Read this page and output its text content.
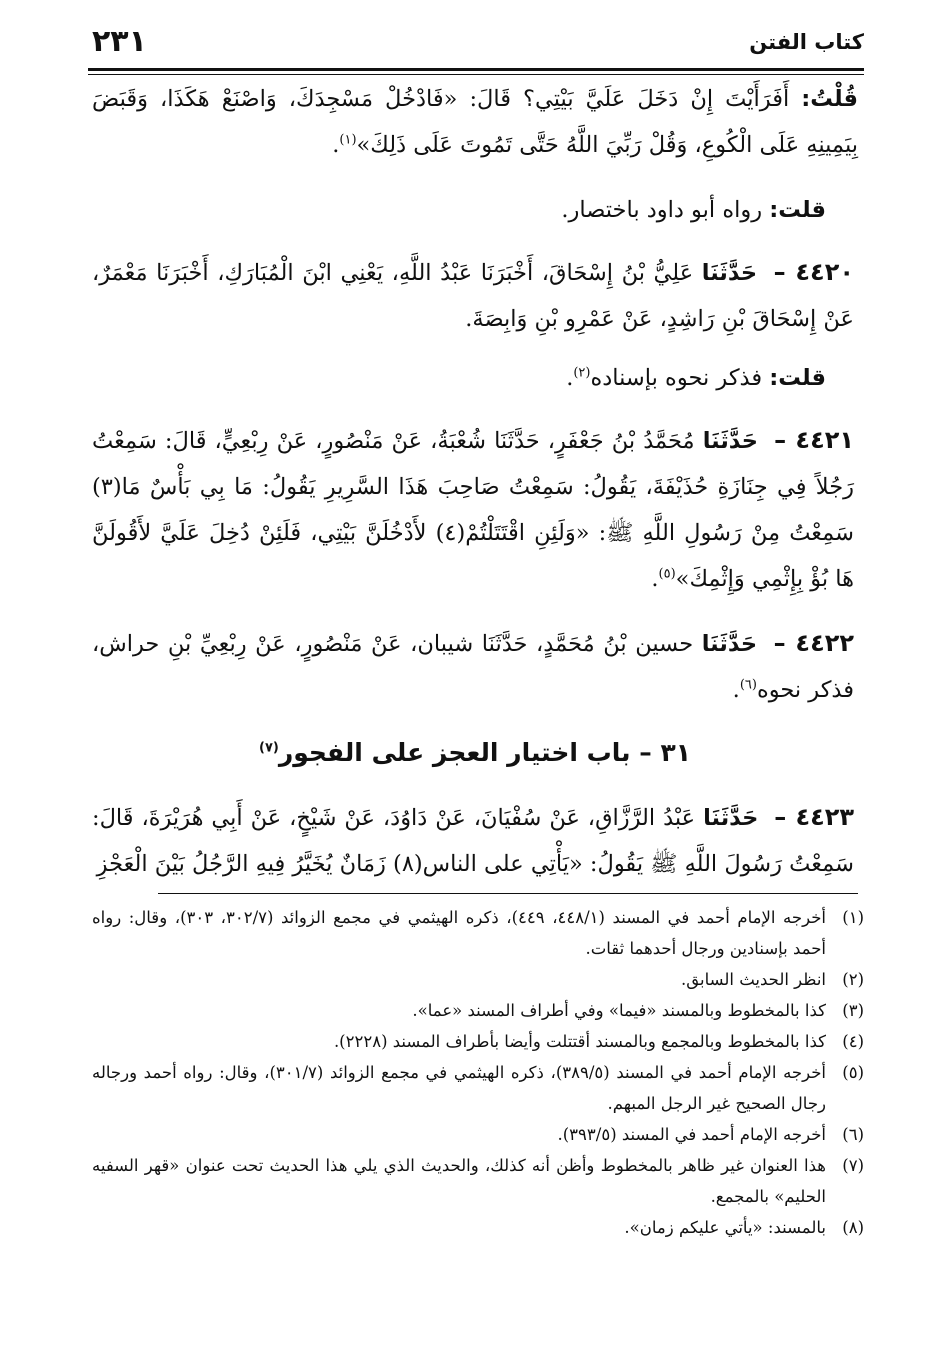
كتاب الفتن
٢٣١
قُلْتُ: أَفَرَأَيْتَ إِنْ دَخَلَ عَلَيَّ بَيْتِي؟ قَالَ: «فَادْخُلْ مَسْجِدَكَ، وَاصْنَعْ هَكَذَا، وَقَبَضَ بِيَمِينِهِ عَلَى الْكُوعِ، وَقُلْ رَبِّيَ اللَّهُ حَتَّى تَمُوتَ عَلَى ذَلِكَ»$^{(١)}$.
قلت: رواه أبو داود باختصار.
٤٤٢٠ – حَدَّثَنَا عَلِيُّ بْنُ إِسْحَاقَ، أَخْبَرَنَا عَبْدُ اللَّهِ، يَعْنِي ابْنَ الْمُبَارَكِ، أَخْبَرَنَا مَعْمَرٌ، عَنْ إِسْحَاقَ بْنِ رَاشِدٍ، عَنْ عَمْرِو بْنِ وَابِصَةَ.
قلت: فذكر نحوه بإسناده$^{(٢)}$.
٤٤٢١ – حَدَّثَنَا مُحَمَّدُ بْنُ جَعْفَرٍ، حَدَّثَنَا شُعْبَةُ، عَنْ مَنْصُورٍ، عَنْ رِبْعِيٍّ، قَالَ: سَمِعْتُ رَجُلاً فِي جِنَازَةِ حُذَيْفَةَ، يَقُولُ: سَمِعْتُ صَاحِبَ هَذَا السَّرِيرِ يَقُولُ: مَا بِي بَأْسٌ مَا(٣) سَمِعْتُ مِنْ رَسُولِ اللَّهِ ﷺ: «وَلَئِنِ اقْتَتَلْتُمْ(٤) لأَدْخُلَنَّ بَيْتِي، فَلَئِنْ دُخِلَ عَلَيَّ لأَقُولَنَّ هَا بُؤْ بِإِثْمِي وَإِثْمِكَ»$^{(٥)}$.
٤٤٢٢ – حَدَّثَنَا حسين بْنُ مُحَمَّدٍ، حَدَّثَنَا شيبان، عَنْ مَنْصُورٍ، عَنْ رِبْعِيِّ بْنِ حراش، فذكر نحوه$^{(٦)}$.
٣١ – باب اختيار العجز على الفجور$^{(٧)}$
٤٤٢٣ – حَدَّثَنَا عَبْدُ الرَّزَّاقِ، عَنْ سُفْيَانَ، عَنْ دَاوُدَ، عَنْ شَيْخٍ، عَنْ أَبِي هُرَيْرَةَ، قَالَ: سَمِعْتُ رَسُولَ اللَّهِ ﷺ يَقُولُ: «يَأْتِي على الناس(٨) زَمَانٌ يُخَيَّرُ فِيهِ الرَّجُلُ بَيْنَ الْعَجْزِ
(١)
أخرجه الإمام أحمد في المسند (٤٤٨/١، ٤٤٩)، ذكره الهيثمي في مجمع الزوائد (٣٠٢/٧، ٣٠٣)، وقال: رواه أحمد بإسنادين ورجال أحدهما ثقات.
(٢)
انظر الحديث السابق.
(٣)
كذا بالمخطوط وبالمسند «فيما» وفي أطراف المسند «عما».
(٤)
كذا بالمخطوط وبالمجمع وبالمسند أقتتلت وأيضا بأطراف المسند (٢٢٢٨).
(٥)
أخرجه الإمام أحمد في المسند (٣٨٩/٥)، ذكره الهيثمي في مجمع الزوائد (٣٠١/٧)، وقال: رواه أحمد ورجاله رجال الصحيح غير الرجل المبهم.
(٦)
أخرجه الإمام أحمد في المسند (٣٩٣/٥).
(٧)
هذا العنوان غير ظاهر بالمخطوط وأظن أنه كذلك، والحديث الذي يلي هذا الحديث تحت عنوان «قهر السفيه الحليم» بالمجمع.
(٨)
بالمسند: «يأتي عليكم زمان».
